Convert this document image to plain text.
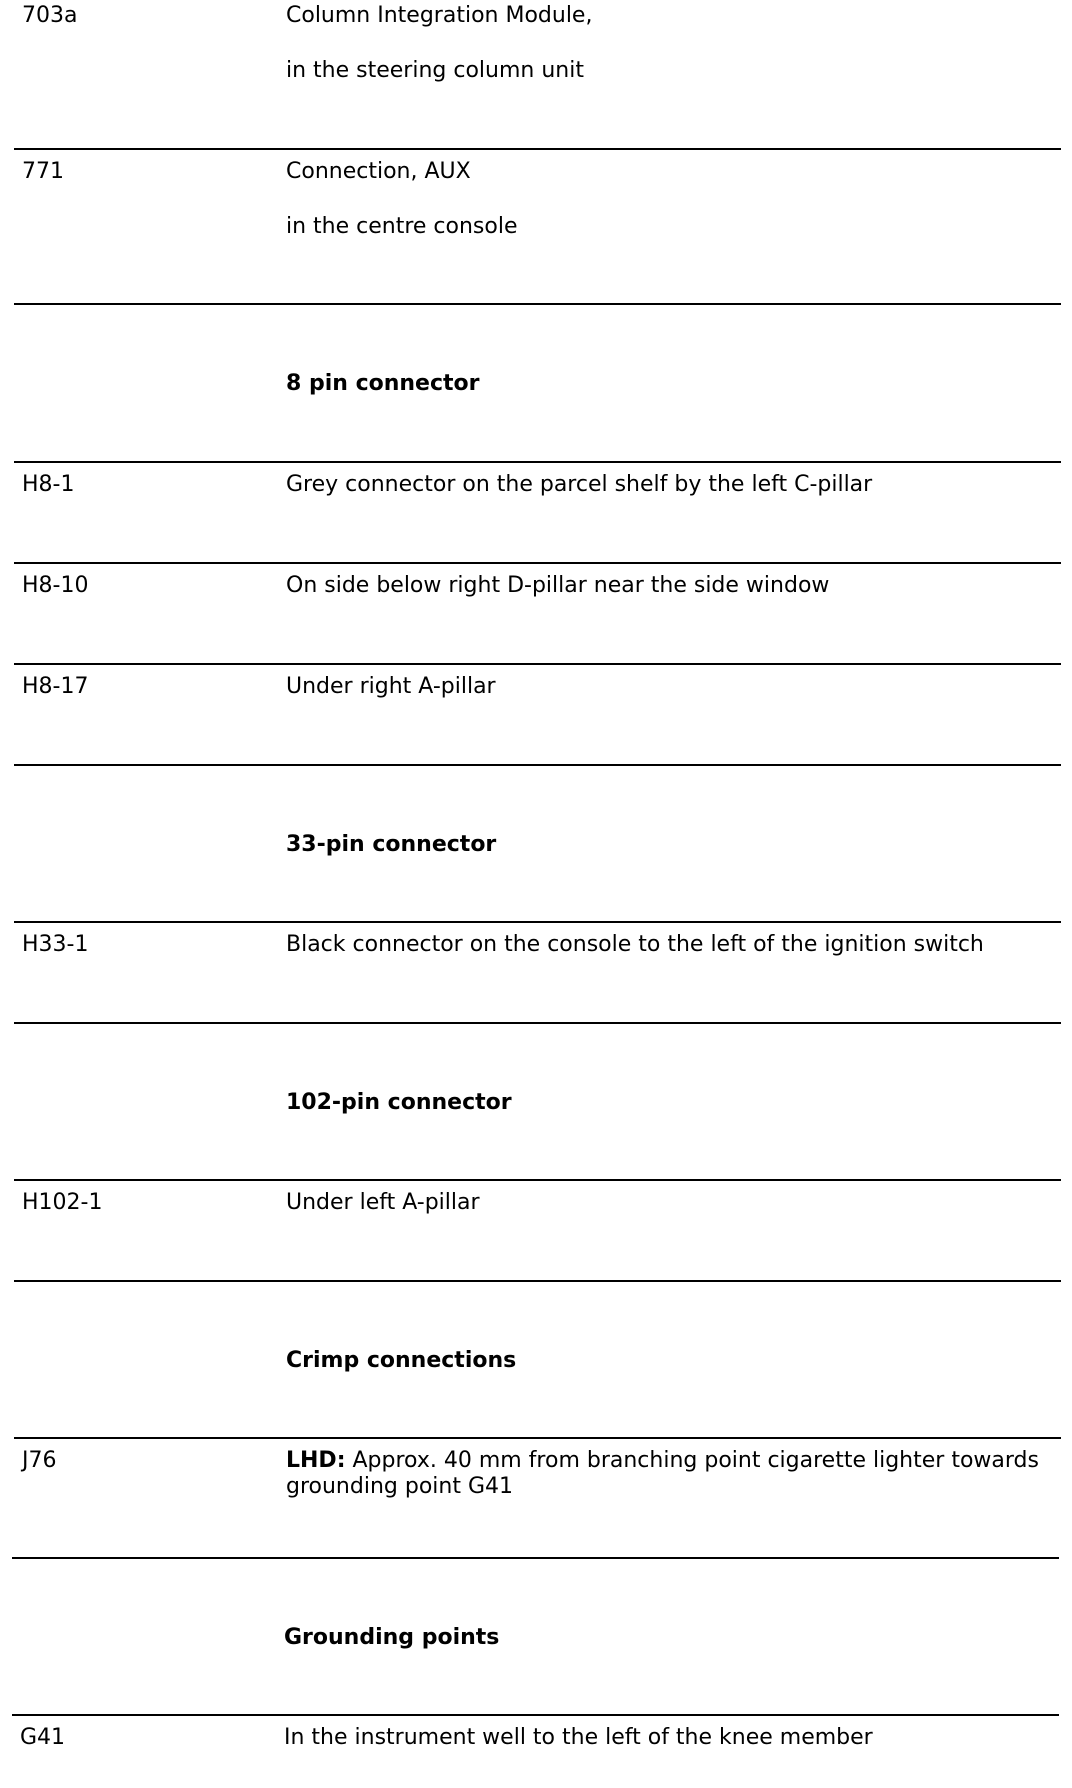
703a	Column Integration Module,
in the steering column unit
771	Connection, AUX
in the centre console
8 pin connector
H8-1	Grey connector on the parcel shelf by the left C-pillar
H8-10	On side below right D-pillar near the side window
H8-17	Under right A-pillar
33-pin connector
H33-1	Black connector on the console to the left of the ignition switch
102-pin connector
H102-1	Under left A-pillar
Crimp connections
J76	LHD: Approx. 40 mm from branching point cigarette lighter towards grounding point G41
Grounding points
G41	In the instrument well to the left of the knee member
